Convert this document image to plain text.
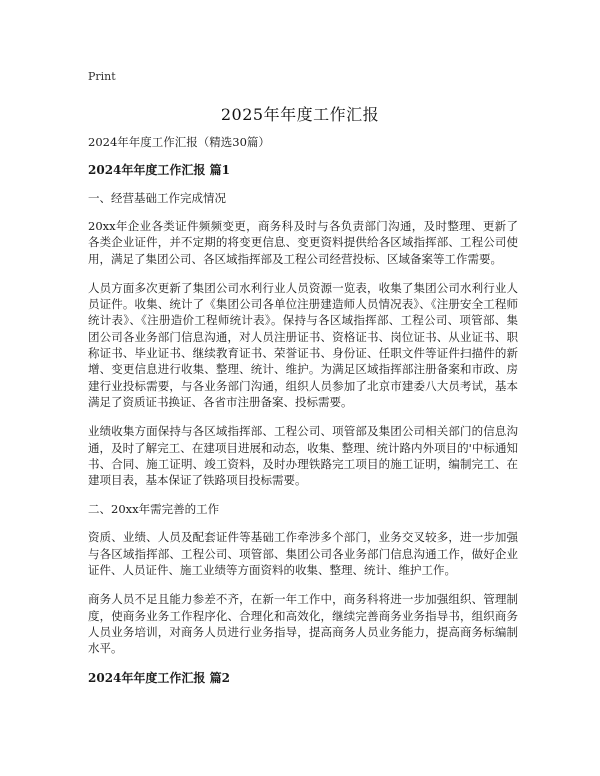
Print
2025年年度工作汇报

2024年年度工作汇报（精选30篇）

2024年年度工作汇报 篇1

一、经营基础工作完成情况

20xx年企业各类证件频频变更，商务科及时与各负责部门沟通，及时整理、更新了各类企业证件，并不定期的将变更信息、变更资料提供给各区域指挥部、工程公司使用，满足了集团公司、各区域指挥部及工程公司经营投标、区域备案等工作需要。

人员方面多次更新了集团公司水利行业人员资源一览表，收集了集团公司水利行业人员证件。收集、统计了《集团公司各单位注册建造师人员情况表》、《注册安全工程师统计表》、《注册造价工程师统计表》。保持与各区域指挥部、工程公司、项管部、集团公司各业务部门信息沟通，对人员注册证书、资格证书、岗位证书、从业证书、职称证书、毕业证书、继续教育证书、荣誉证书、身份证、任职文件等证件扫描件的新增、变更信息进行收集、整理、统计、维护。为满足区域指挥部注册备案和市政、房建行业投标需要，与各业务部门沟通，组织人员参加了北京市建委八大员考试，基本满足了资质证书换证、各省市注册备案、投标需要。

业绩收集方面保持与各区域指挥部、工程公司、项管部及集团公司相关部门的信息沟通，及时了解完工、在建项目进展和动态，收集、整理、统计路内外项目的'中标通知书、合同、施工证明、竣工资料，及时办理铁路完工项目的施工证明，编制完工、在建项目表，基本保证了铁路项目投标需要。

二、20xx年需完善的工作

资质、业绩、人员及配套证件等基础工作牵涉多个部门，业务交叉较多，进一步加强与各区域指挥部、工程公司、项管部、集团公司各业务部门信息沟通工作，做好企业证件、人员证件、施工业绩等方面资料的收集、整理、统计、维护工作。

商务人员不足且能力参差不齐，在新一年工作中，商务科将进一步加强组织、管理制度，使商务业务工作程序化、合理化和高效化，继续完善商务业务指导书，组织商务人员业务培训，对商务人员进行业务指导，提高商务人员业务能力，提高商务标编制水平。

2024年年度工作汇报 篇2
